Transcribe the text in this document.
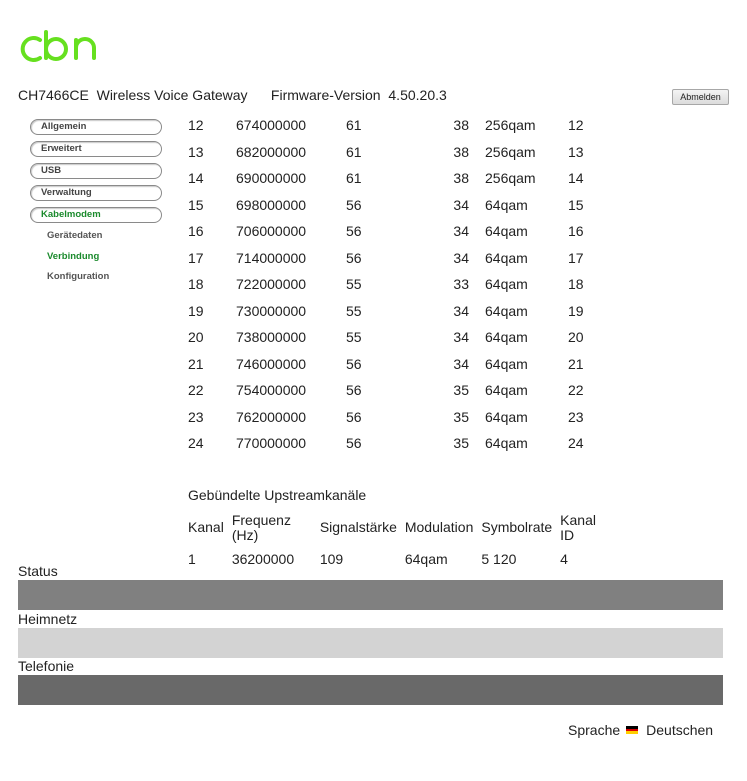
CH7466CE Wireless Voice Gateway Firmware-Version 4.50.20.3	Abmelden
Allgemein
Erweitert
USB
Verwaltung
Kabelmodem
Gerätedaten
Verbindung
Konfiguration
12	674000000	61	38	256qam	12
13	682000000	61	38	256qam	13
14	690000000	61	38	256qam	14
15	698000000	56	34	64qam	15
16	706000000	56	34	64qam	16
17	714000000	56	34	64qam	17
18	722000000	55	33	64qam	18
19	730000000	55	34	64qam	19
20	738000000	55	34	64qam	20
21	746000000	56	34	64qam	21
22	754000000	56	35	64qam	22
23	762000000	56	35	64qam	23
24	770000000	56	35	64qam	24
Gebündelte Upstreamkanäle
Kanal	Frequenz (Hz)	Signalstärke	Modulation	Symbolrate	Kanal ID
1	36200000	109	64qam	5 120	4
Status
Heimnetz
Telefonie
Sprache Deutschen
